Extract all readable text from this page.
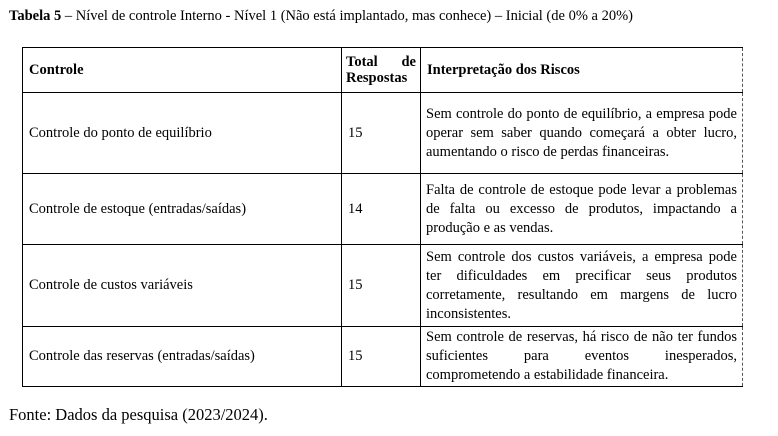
Tabela 5 – Nível de controle Interno - Nível 1 (Não está implantado, mas conhece) – Inicial (de 0% a 20%)
Controle	Total de Respostas	Interpretação dos Riscos

Controle do ponto de equilíbrio	15	Sem controle do ponto de equilíbrio, a empresa pode operar sem saber quando começará a obter lucro, aumentando o risco de perdas financeiras.

Controle de estoque (entradas/saídas)	14	Falta de controle de estoque pode levar a problemas de falta ou excesso de produtos, impactando a produção e as vendas.

Controle de custos variáveis	15	Sem controle dos custos variáveis, a empresa pode ter dificuldades em precificar seus produtos corretamente, resultando em margens de lucro inconsistentes.

Controle das reservas (entradas/saídas)	15	Sem controle de reservas, há risco de não ter fundos suficientes para eventos inesperados, comprometendo a estabilidade financeira.
Fonte: Dados da pesquisa (2023/2024).
